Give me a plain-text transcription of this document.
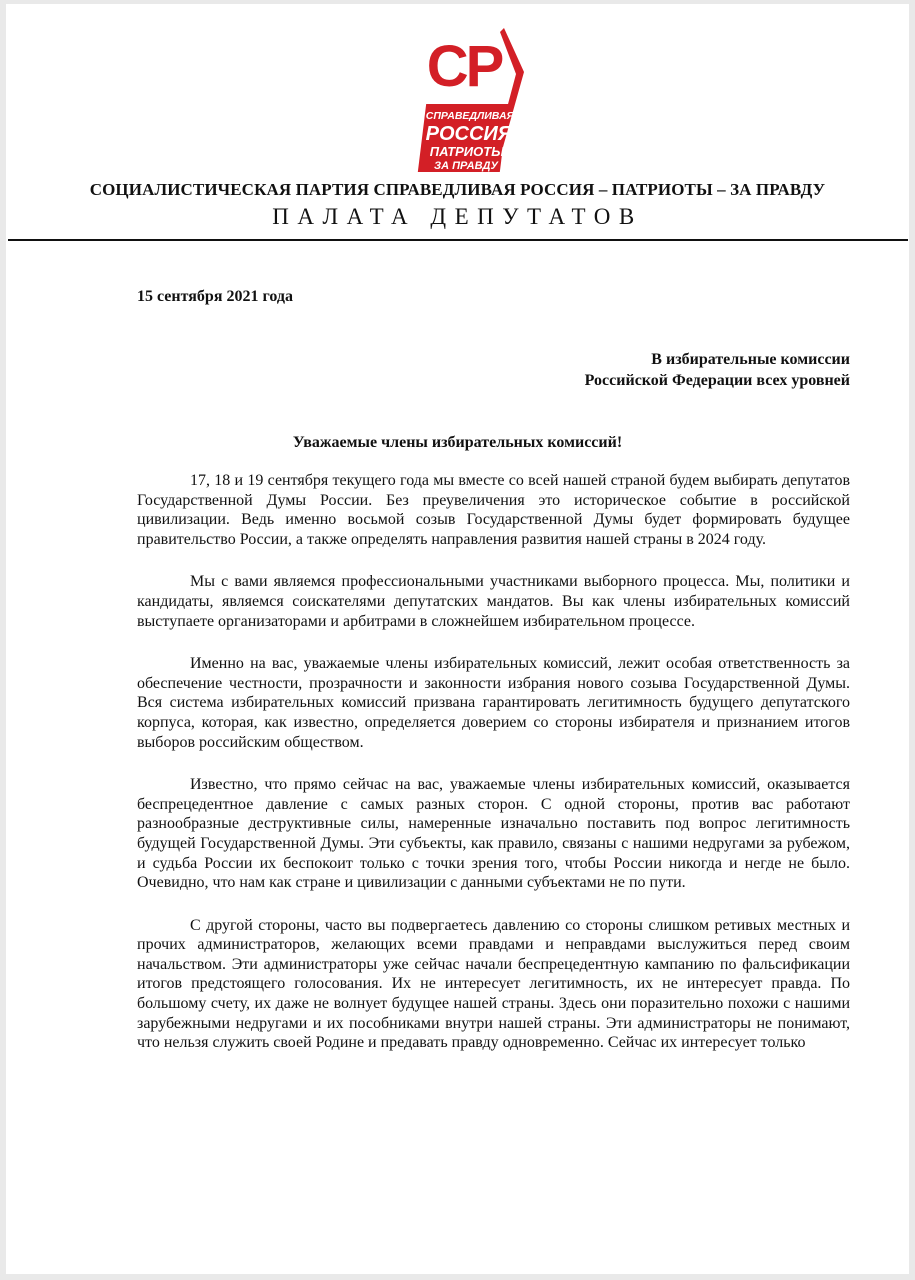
СР
СПРАВЕДЛИВАЯ
РОССИЯ
ПАТРИОТЫ
ЗА ПРАВДУ
СОЦИАЛИСТИЧЕСКАЯ ПАРТИЯ СПРАВЕДЛИВАЯ РОССИЯ – ПАТРИОТЫ – ЗА ПРАВДУ
ПАЛАТА ДЕПУТАТОВ
15 сентября 2021 года
В избирательные комиссии
Российской Федерации всех уровней
Уважаемые члены избирательных комиссий!

17, 18 и 19 сентября текущего года мы вместе со всей нашей страной будем выбирать депутатов Государственной Думы России. Без преувеличения это историческое событие в российской цивилизации. Ведь именно восьмой созыв Государственной Думы будет формировать будущее правительство России, а также определять направления развития нашей страны в 2024 году.

Мы с вами являемся профессиональными участниками выборного процесса. Мы, политики и кандидаты, являемся соискателями депутатских мандатов. Вы как члены избирательных комиссий выступаете организаторами и арбитрами в сложнейшем избирательном процессе.

Именно на вас, уважаемые члены избирательных комиссий, лежит особая ответственность за обеспечение честности, прозрачности и законности избрания нового созыва Государственной Думы. Вся система избирательных комиссий призвана гарантировать легитимность будущего депутатского корпуса, которая, как известно, определяется доверием со стороны избирателя и признанием итогов выборов российским обществом.

Известно, что прямо сейчас на вас, уважаемые члены избирательных комиссий, оказывается беспрецедентное давление с самых разных сторон. С одной стороны, против вас работают разнообразные деструктивные силы, намеренные изначально поставить под вопрос легитимность будущей Государственной Думы. Эти субъекты, как правило, связаны с нашими недругами за рубежом, и судьба России их беспокоит только с точки зрения того, чтобы России никогда и негде не было. Очевидно, что нам как стране и цивилизации с данными субъектами не по пути.

С другой стороны, часто вы подвергаетесь давлению со стороны слишком ретивых местных и прочих администраторов, желающих всеми правдами и неправдами выслужиться перед своим начальством. Эти администраторы уже сейчас начали беспрецедентную кампанию по фальсификации итогов предстоящего голосования. Их не интересует легитимность, их не интересует правда. По большому счету, их даже не волнует будущее нашей страны. Здесь они поразительно похожи с нашими зарубежными недругами и их пособниками внутри нашей страны. Эти администраторы не понимают, что нельзя служить своей Родине и предавать правду одновременно. Сейчас их интересует только
